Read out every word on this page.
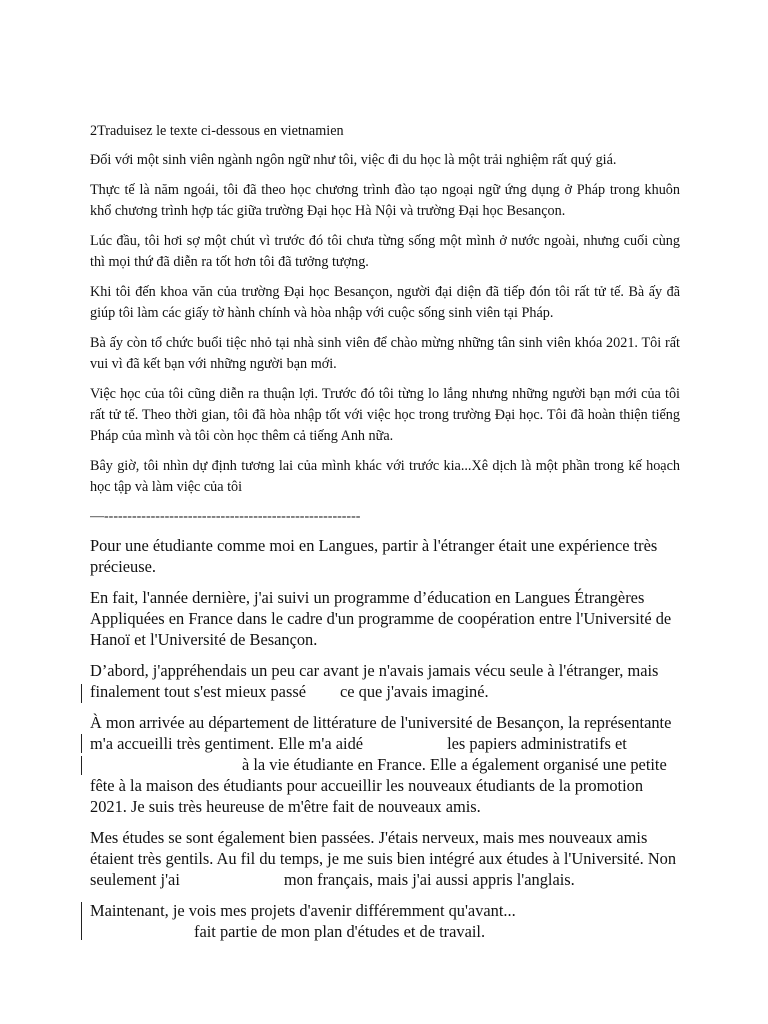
2Traduisez le texte ci-dessous en vietnamien

Đối với một sinh viên ngành ngôn ngữ như tôi, việc đi du học là một trải nghiệm rất quý giá.

Thực tế là năm ngoái, tôi đã theo học chương trình đào tạo ngoại ngữ ứng dụng ở Pháp trong khuôn khổ chương trình hợp tác giữa trường Đại học Hà Nội và trường Đại học Besançon.

Lúc đầu, tôi hơi sợ một chút vì trước đó tôi chưa từng sống một mình ở nước ngoài, nhưng cuối cùng thì mọi thứ đã diễn ra tốt hơn tôi đã tưởng tượng.

Khi tôi đến khoa văn của trường Đại học Besançon, người đại diện đã tiếp đón tôi rất tử tế. Bà ấy đã giúp tôi làm các giấy tờ hành chính và hòa nhập với cuộc sống sinh viên tại Pháp.

Bà ấy còn tổ chức buổi tiệc nhỏ tại nhà sinh viên để chào mừng những tân sinh viên khóa 2021. Tôi rất vui vì đã kết bạn với những người bạn mới.

Việc học của tôi cũng diễn ra thuận lợi. Trước đó tôi từng lo lắng nhưng những người bạn mới của tôi rất tử tế. Theo thời gian, tôi đã hòa nhập tốt với việc học trong trường Đại học. Tôi đã hoàn thiện tiếng Pháp của mình và tôi còn học thêm cả tiếng Anh nữa.

Bây giờ, tôi nhìn dự định tương lai của mình khác với trước kia...Xê dịch là một phần trong kế hoạch học tập và làm việc của tôi

—-------------------------------------------------------

Pour une étudiante comme moi en Langues, partir à l'étranger était une expérience très
précieuse.

En fait, l'année dernière, j'ai suivi un programme d’éducation en Langues Étrangères
Appliquées en France dans le cadre d'un programme de coopération entre l'Université de
Hanoï et l'Université de Besançon.

D’abord, j'appréhendais un peu car avant je n'avais jamais vécu seule à l'étranger, mais
finalement tout s'est mieux passé ce que j'avais imaginé.

À mon arrivée au département de littérature de l'université de Besançon, la représentante
m'a accueilli très gentiment. Elle m'a aidé	les papiers administratifs et
à la vie étudiante en France. Elle a également organisé une petite
fête à la maison des étudiants pour accueillir les nouveaux étudiants de la promotion
2021. Je suis très heureuse de m'être fait de nouveaux amis.

Mes études se sont également bien passées. J'étais nerveux, mais mes nouveaux amis
étaient très gentils. Au fil du temps, je me suis bien intégré aux études à l'Université. Non
seulement j'ai	mon français, mais j'ai aussi appris l'anglais.

Maintenant, je vois mes projets d'avenir différemment qu'avant...
fait partie de mon plan d'études et de travail.
